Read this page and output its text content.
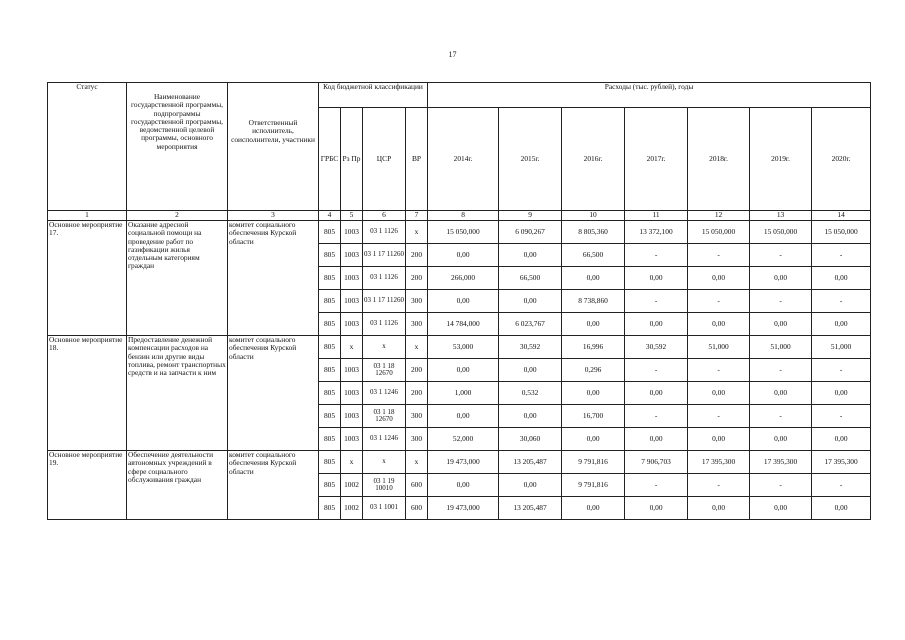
17
Статус	Наименование государственной программы, подпрограммы государственной программы, ведомственной целевой программы, основного мероприятия	Ответственный исполнитель, соисполнители, участники	Код бюджетной классификации				Расходы (тыс. рублей), годы						
			ГРБС	Рз Пр	ЦСР	ВР	2014г.	2015г.	2016г.	2017г.	2018г.	2019г.	2020г.
1	2	3	4	5	6	7	8	9	10	11	12	13	14
Основное мероприятие 17.	Оказание адресной социальной помощи на проведение работ по газификации жилья отдельным категориям граждан	комитет социального обеспечения Курской области	805	1003	03 1 1126	х	15 050,000	6 090,267	8 805,360	13 372,100	15 050,000	15 050,000	15 050,000
			805	1003	03 1 17 11260	200	0,00	0,00	66,500	-	-	-	-
			805	1003	03 1 1126	200	266,000	66,500	0,00	0,00	0,00	0,00	0,00
			805	1003	03 1 17 11260	300	0,00	0,00	8 738,860	-	-	-	-
			805	1003	03 1 1126	300	14 784,000	6 023,767	0,00	0,00	0,00	0,00	0,00
Основное мероприятие 18.	Предоставление денежной компенсации расходов на бензин или другие виды топлива, ремонт транспортных средств и на запчасти к ним	комитет социального обеспечения Курской области	805	х	х	х	53,000	30,592	16,996	30,592	51,000	51,000	51,000
			805	1003	03 1 18 12670	200	0,00	0,00	0,296	-	-	-	-
			805	1003	03 1 1246	200	1,000	0,532	0,00	0,00	0,00	0,00	0,00
			805	1003	03 1 18 12670	300	0,00	0,00	16,700	-	-	-	-
			805	1003	03 1 1246	300	52,000	30,060	0,00	0,00	0,00	0,00	0,00
Основное мероприятие 19.	Обеспечение деятельности автономных учреждений в сфере социального обслуживания граждан	комитет социального обеспечения Курской области	805	х	х	х	19 473,000	13 205,487	9 791,816	7 906,703	17 395,300	17 395,300	17 395,300
			805	1002	03 1 19 10010	600	0,00	0,00	9 791,816	-	-	-	-
			805	1002	03 1 1001	600	19 473,000	13 205,487	0,00	0,00	0,00	0,00	0,00
